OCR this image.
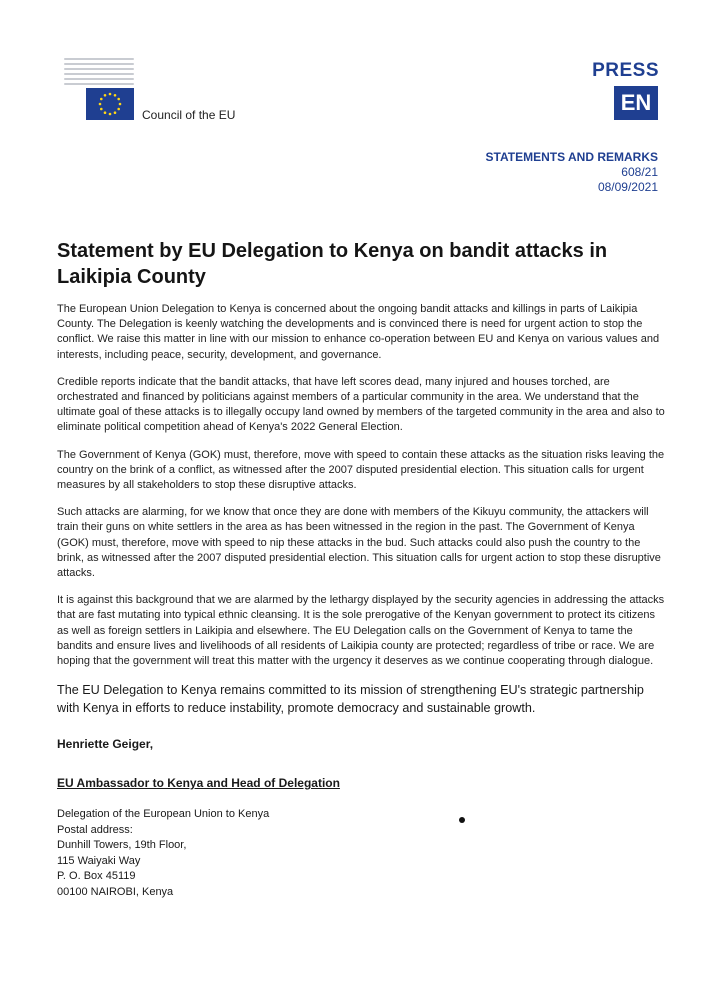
Council of the EU
PRESS
EN
STATEMENTS AND REMARKS
608/21
08/09/2021
Statement by EU Delegation to Kenya on bandit attacks in Laikipia County

The European Union Delegation to Kenya is concerned about the ongoing bandit attacks and killings in parts of Laikipia County. The Delegation is keenly watching the developments and is convinced there is need for urgent action to stop the conflict. We raise this matter in line with our mission to enhance co-operation between EU and Kenya on various values and interests, including peace, security, development, and governance.

Credible reports indicate that the bandit attacks, that have left scores dead, many injured and houses torched, are orchestrated and financed by politicians against members of a particular community in the area. We understand that the ultimate goal of these attacks is to illegally occupy land owned by members of the targeted community in the area and also to eliminate political competition ahead of Kenya's 2022 General Election.

The Government of Kenya (GOK) must, therefore, move with speed to contain these attacks as the situation risks leaving the country on the brink of a conflict, as witnessed after the 2007 disputed presidential election. This situation calls for urgent measures by all stakeholders to stop these disruptive attacks.

Such attacks are alarming, for we know that once they are done with members of the Kikuyu community, the attackers will train their guns on white settlers in the area as has been witnessed in the region in the past. The Government of Kenya (GOK) must, therefore, move with speed to nip these attacks in the bud. Such attacks could also push the country to the brink, as witnessed after the 2007 disputed presidential election. This situation calls for urgent action to stop these disruptive attacks.

It is against this background that we are alarmed by the lethargy displayed by the security agencies in addressing the attacks that are fast mutating into typical ethnic cleansing. It is the sole prerogative of the Kenyan government to protect its citizens as well as foreign settlers in Laikipia and elsewhere. The EU Delegation calls on the Government of Kenya to tame the bandits and ensure lives and livelihoods of all residents of Laikipia county are protected; regardless of tribe or race. We are hoping that the government will treat this matter with the urgency it deserves as we continue cooperating through dialogue.

The EU Delegation to Kenya remains committed to its mission of strengthening EU's strategic partnership with Kenya in efforts to reduce instability, promote democracy and sustainable growth.

Henriette Geiger,
EU Ambassador to Kenya and Head of Delegation
Delegation of the European Union to Kenya
Postal address:
Dunhill Towers, 19th Floor,
115 Waiyaki Way
P. O. Box 45119
00100 NAIROBI, Kenya
